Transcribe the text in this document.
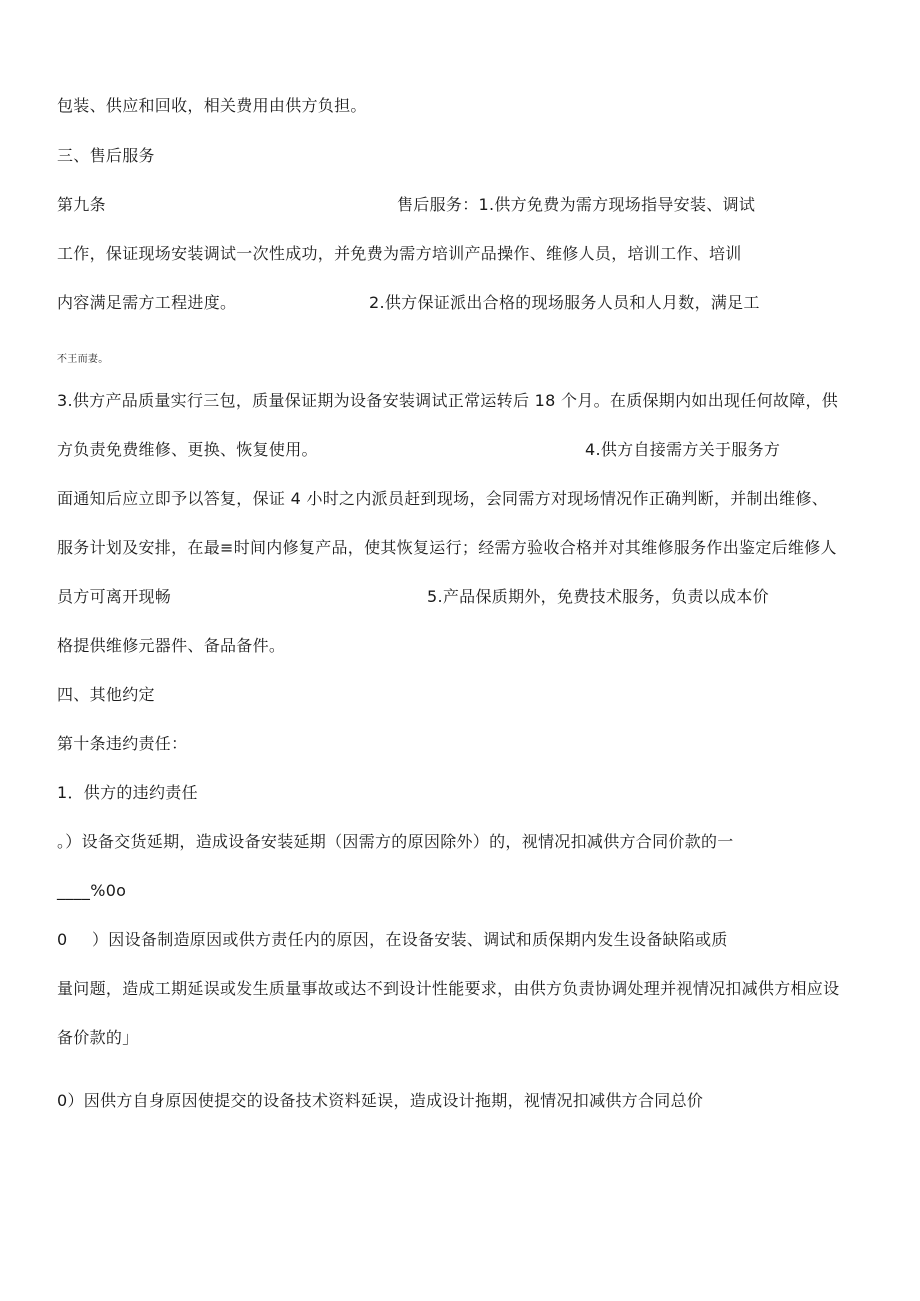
包装、供应和回收，相关费用由供方负担。
三、售后服务
第九条	售后服务：1.供方免费为需方现场指导安装、调试
工作，保证现场安装调试一次性成功，并免费为需方培训产品操作、维修人员，培训工作、培训
内容满足需方工程进度。	2.供方保证派出合格的现场服务人员和人月数，满足工
不王而妻。
3.供方产品质量实行三包，质量保证期为设备安装调试正常运转后 18 个月。在质保期内如出现任何故障，供
方负责免费维修、更换、恢复使用。	4.供方自接需方关于服务方
面通知后应立即予以答复，保证 4 小时之内派员赶到现场，会同需方对现场情况作正确判断，并制出维修、
服务计划及安排，在最≡时间内修复产品，使其恢复运行；经需方验收合格并对其维修服务作出鉴定后维修人
员方可离开现畅	5.产品保质期外，免费技术服务，负责以成本价
格提供维修元器件、备品备件。
四、其他约定
第十条违约责任：
1．供方的违约责任
。）设备交货延期，造成设备安装延期（因需方的原因除外）的，视情况扣减供方合同价款的一
____%0o
0 ）因设备制造原因或供方责任内的原因，在设备安装、调试和质保期内发生设备缺陷或质
量问题，造成工期延误或发生质量事故或达不到设计性能要求，由供方负责协调处理并视情况扣减供方相应设
备价款的」
0）因供方自身原因使提交的设备技术资料延误，造成设计拖期，视情况扣减供方合同总价
